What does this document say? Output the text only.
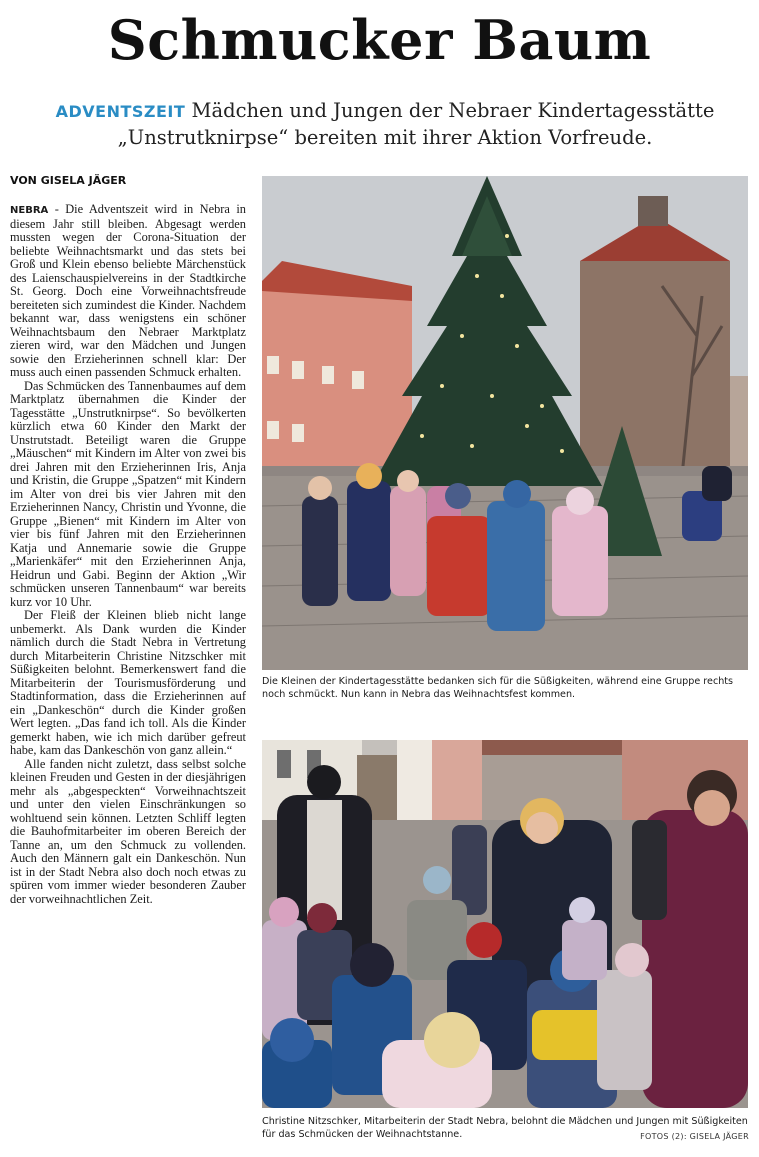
Schmucker Baum
ADVENTSZEIT Mädchen und Jungen der Nebraer Kindertagesstätte „Unstrutknirpse“ bereiten mit ihrer Aktion Vorfreude.
VON GISELA JÄGER

NEBRA - Die Adventszeit wird in Nebra in diesem Jahr still bleiben. Abgesagt werden mussten wegen der Corona-Situation der beliebte Weihnachtsmarkt und das stets bei Groß und Klein ebenso beliebte Märchenstück des Laienschauspielvereins in der Stadtkirche St. Georg. Doch eine Vorweihnachtsfreude bereiteten sich zumindest die Kinder. Nachdem bekannt war, dass wenigstens ein schöner Weihnachtsbaum den Nebraer Marktplatz zieren wird, war den Mädchen und Jungen sowie den Erzieherinnen schnell klar: Der muss auch einen passenden Schmuck erhalten.

Das Schmücken des Tannenbaumes auf dem Marktplatz übernahmen die Kinder der Tagesstätte „Unstrutknirpse“. So bevölkerten kürzlich etwa 60 Kinder den Markt der Unstrutstadt. Beteiligt waren die Gruppe „Mäuschen“ mit Kindern im Alter von zwei bis drei Jahren mit den Erzieherinnen Iris, Anja und Kristin, die Gruppe „Spatzen“ mit Kindern im Alter von drei bis vier Jahren mit den Erzieherinnen Nancy, Christin und Yvonne, die Gruppe „Bienen“ mit Kindern im Alter von vier bis fünf Jahren mit den Erzieherinnen Katja und Annemarie sowie die Gruppe „Marienkäfer“ mit den Erzieherinnen Anja, Heidrun und Gabi. Beginn der Aktion „Wir schmücken unseren Tannenbaum“ war bereits kurz vor 10 Uhr.

Der Fleiß der Kleinen blieb nicht lange unbemerkt. Als Dank wurden die Kinder nämlich durch die Stadt Nebra in Vertretung durch Mitarbeiterin Christine Nitzschker mit Süßigkeiten belohnt. Bemerkenswert fand die Mitarbeiterin der Tourismusförderung und Stadtinformation, dass die Erzieherinnen auf ein „Dankeschön“ durch die Kinder großen Wert legten. „Das fand ich toll. Als die Kinder gemerkt haben, wie ich mich darüber gefreut habe, kam das Dankeschön von ganz allein.“

Alle fanden nicht zuletzt, dass selbst solche kleinen Freuden und Gesten in der diesjährigen mehr als „abgespeckten“ Vorweihnachtszeit und unter den vielen Einschränkungen so wohltuend sein können. Letzten Schliff legten die Bauhofmitarbeiter im oberen Bereich der Tanne an, um den Schmuck zu vollenden. Auch den Männern galt ein Dankeschön. Nun ist in der Stadt Nebra also doch noch etwas zu spüren vom immer wieder besonderen Zauber der vorweihnachtlichen Zeit.

Die Kleinen der Kindertagesstätte bedanken sich für die Süßigkeiten, während eine Gruppe rechts noch schmückt. Nun kann in Nebra das Weihnachtsfest kommen.
Christine Nitzschker, Mitarbeiterin der Stadt Nebra, belohnt die Mädchen und Jungen mit Süßigkeiten für das Schmücken der Weihnachtstanne.	FOTOS (2): GISELA JÄGER
